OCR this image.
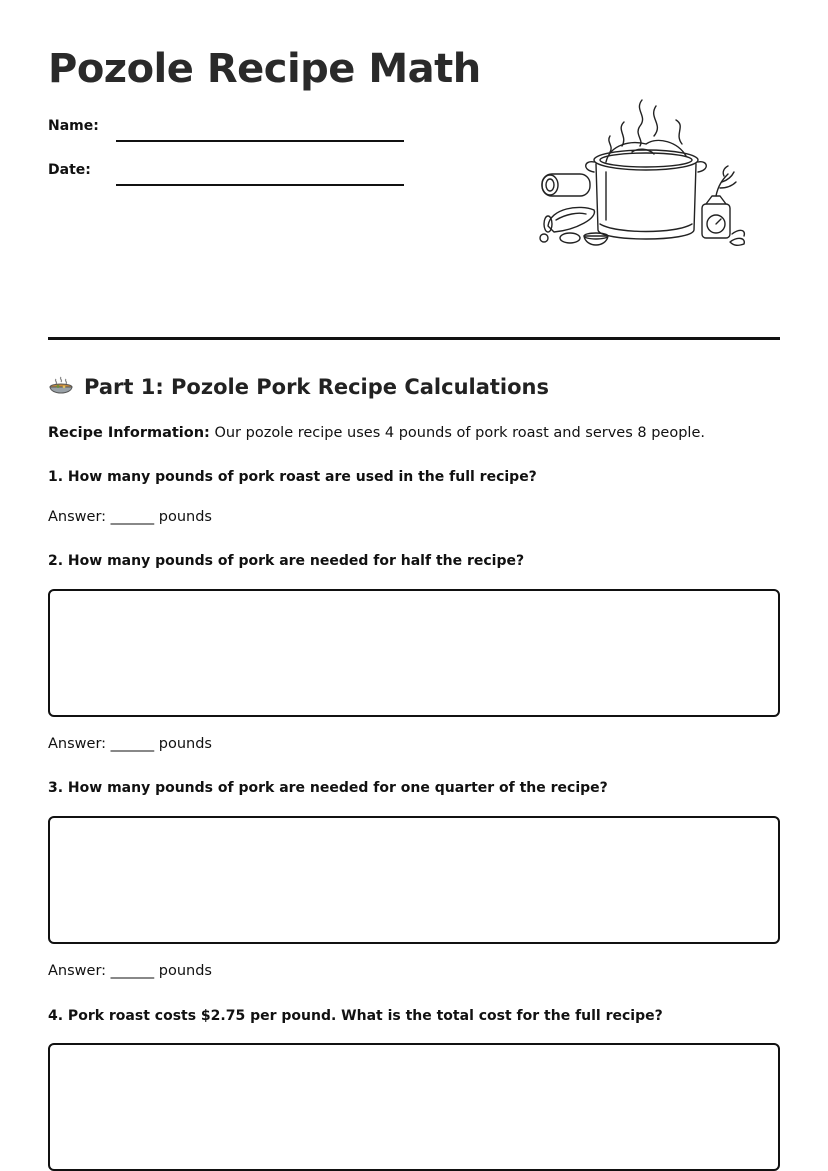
Pozole Recipe Math
Name:
Date:
Part 1: Pozole Pork Recipe Calculations
Recipe Information: Our pozole recipe uses 4 pounds of pork roast and serves 8 people.

1. How many pounds of pork roast are used in the full recipe?

Answer: ______ pounds

2. How many pounds of pork are needed for half the recipe?

Answer: ______ pounds

3. How many pounds of pork are needed for one quarter of the recipe?

Answer: ______ pounds

4. Pork roast costs $2.75 per pound. What is the total cost for the full recipe?
